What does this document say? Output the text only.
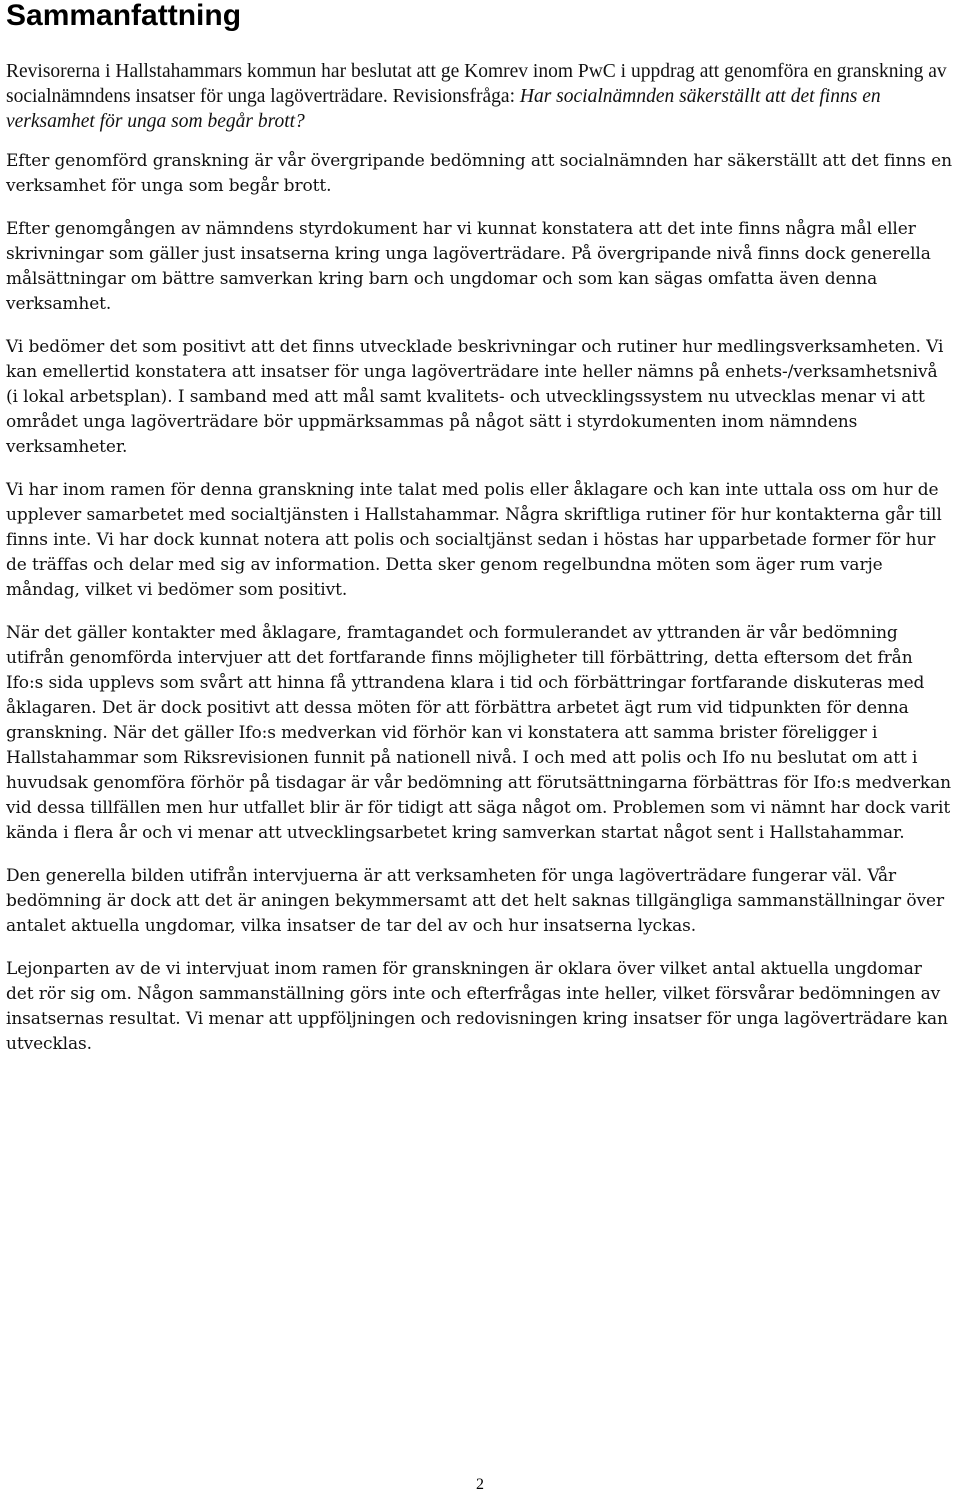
Sammanfattning

Revisorerna i Hallstahammars kommun har beslutat att ge Komrev inom PwC i uppdrag att genomföra en granskning av socialnämndens insatser för unga lagöverträdare. Revisionsfråga: Har socialnämnden säkerställt att det finns en verksamhet för unga som begår brott?

Efter genomförd granskning är vår övergripande bedömning att socialnämnden har säkerställt att det finns en verksamhet för unga som begår brott.

Efter genomgången av nämndens styrdokument har vi kunnat konstatera att det inte finns några mål eller skrivningar som gäller just insatserna kring unga lagöverträdare. På övergripande nivå finns dock generella målsättningar om bättre samverkan kring barn och ungdomar och som kan sägas omfatta även denna verksamhet.

Vi bedömer det som positivt att det finns utvecklade beskrivningar och rutiner hur medlingsverksamheten. Vi kan emellertid konstatera att insatser för unga lagöverträdare inte heller nämns på enhets-/verksamhetsnivå (i lokal arbetsplan). I samband med att mål samt kvalitets- och utvecklingssystem nu utvecklas menar vi att området unga lagöverträdare bör uppmärksammas på något sätt i styrdokumenten inom nämndens verksamheter.

Vi har inom ramen för denna granskning inte talat med polis eller åklagare och kan inte uttala oss om hur de upplever samarbetet med socialtjänsten i Hallstahammar. Några skriftliga rutiner för hur kontakterna går till finns inte. Vi har dock kunnat notera att polis och socialtjänst sedan i höstas har upparbetade former för hur de träffas och delar med sig av information. Detta sker genom regelbundna möten som äger rum varje måndag, vilket vi bedömer som positivt.

När det gäller kontakter med åklagare, framtagandet och formulerandet av yttranden är vår bedömning utifrån genomförda intervjuer att det fortfarande finns möjligheter till förbättring, detta eftersom det från Ifo:s sida upplevs som svårt att hinna få yttrandena klara i tid och förbättringar fortfarande diskuteras med åklagaren. Det är dock positivt att dessa möten för att förbättra arbetet ägt rum vid tidpunkten för denna granskning. När det gäller Ifo:s medverkan vid förhör kan vi konstatera att samma brister föreligger i Hallstahammar som Riksrevisionen funnit på nationell nivå. I och med att polis och Ifo nu beslutat om att i huvudsak genomföra förhör på tisdagar är vår bedömning att förutsättningarna förbättras för Ifo:s medverkan vid dessa tillfällen men hur utfallet blir är för tidigt att säga något om. Problemen som vi nämnt har dock varit kända i flera år och vi menar att utvecklingsarbetet kring samverkan startat något sent i Hallstahammar.

Den generella bilden utifrån intervjuerna är att verksamheten för unga lagöverträdare fungerar väl. Vår bedömning är dock att det är aningen bekymmersamt att det helt saknas tillgängliga sammanställningar över antalet aktuella ungdomar, vilka insatser de tar del av och hur insatserna lyckas.

Lejonparten av de vi intervjuat inom ramen för granskningen är oklara över vilket antal aktuella ungdomar det rör sig om. Någon sammanställning görs inte och efterfrågas inte heller, vilket försvårar bedömningen av insatsernas resultat. Vi menar att uppföljningen och redovisningen kring insatser för unga lagöverträdare kan utvecklas.

2
